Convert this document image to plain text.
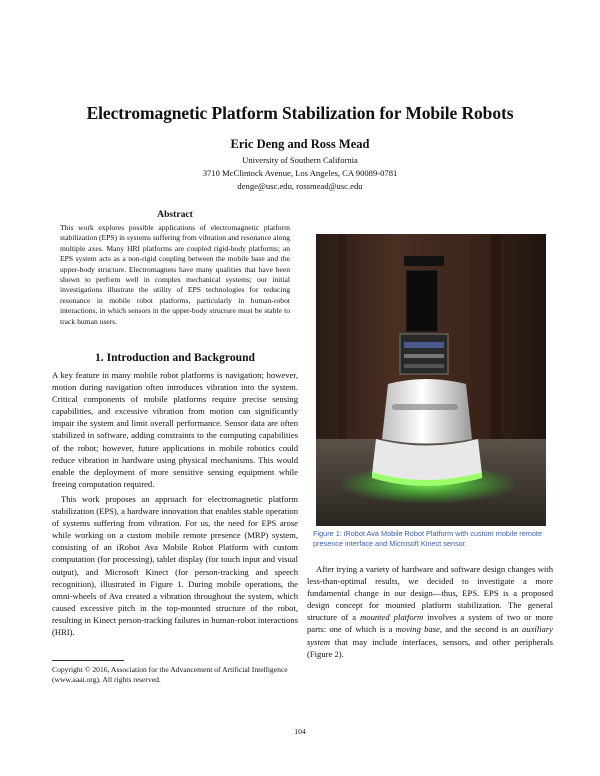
Electromagnetic Platform Stabilization for Mobile Robots
Eric Deng and Ross Mead
University of Southern California
3710 McClintock Avenue, Los Angeles, CA 90089-0781
denge@usc.edu, rossmead@usc.edu
Abstract
This work explores possible applications of electromagnetic platform stabilization (EPS) in systems suffering from vibration and resonance along multiple axes. Many HRI platforms are coupled rigid-body platforms; an EPS system acts as a non-rigid coupling between the mobile base and the upper-body structure. Electromagnets have many qualities that have been shown to perform well in complex mechanical systems; our initial investigations illustrate the utility of EPS technologies for reducing resonance in mobile robot platforms, particularly in human-robot interactions, in which sensors in the upper-body structure must be stable to track human users.
1. Introduction and Background

A key feature in many mobile robot platforms is navigation; however, motion during navigation often introduces vibration into the system. Critical components of mobile platforms require precise sensing capabilities, and excessive vibration from motion can significantly impair the system and limit overall performance. Sensor data are often stabilized in software, adding constraints to the computing capabilities of the robot; however, future applications in mobile robotics could reduce vibration in hardware using physical mechanisms. This would enable the deployment of more sensitive sensing equipment while freeing computation required.

This work proposes an approach for electromagnetic platform stabilization (EPS), a hardware innovation that enables stable operation of systems suffering from vibration. For us, the need for EPS arose while working on a custom mobile remote presence (MRP) system, consisting of an iRobot Ava Mobile Robot Platform with custom computation (for processing), tablet display (for touch input and visual output), and Microsoft Kinect (for person-tracking and speech recognition), illustrated in Figure 1. During mobile operations, the omni-wheels of Ava created a vibration throughout the system, which caused excessive pitch in the top-mounted structure of the robot, resulting in Kinect person-tracking failures in human-robot interactions (HRI).

Copyright © 2016, Association for the Advancement of Artificial Intelligence (www.aaai.org). All rights reserved.
Figure 1: iRobot Ava Mobile Robot Platform with custom mobile remote presence interface and Microsoft Kinect sensor.
After trying a variety of hardware and software design changes with less-than-optimal results, we decided to investigate a more fundamental change in our design—thus, EPS. EPS is a proposed design concept for mounted platform stabilization. The general structure of a mounted platform involves a system of two or more parts: one of which is a moving base, and the second is an auxiliary system that may include interfaces, sensors, and other peripherals (Figure 2).
104
